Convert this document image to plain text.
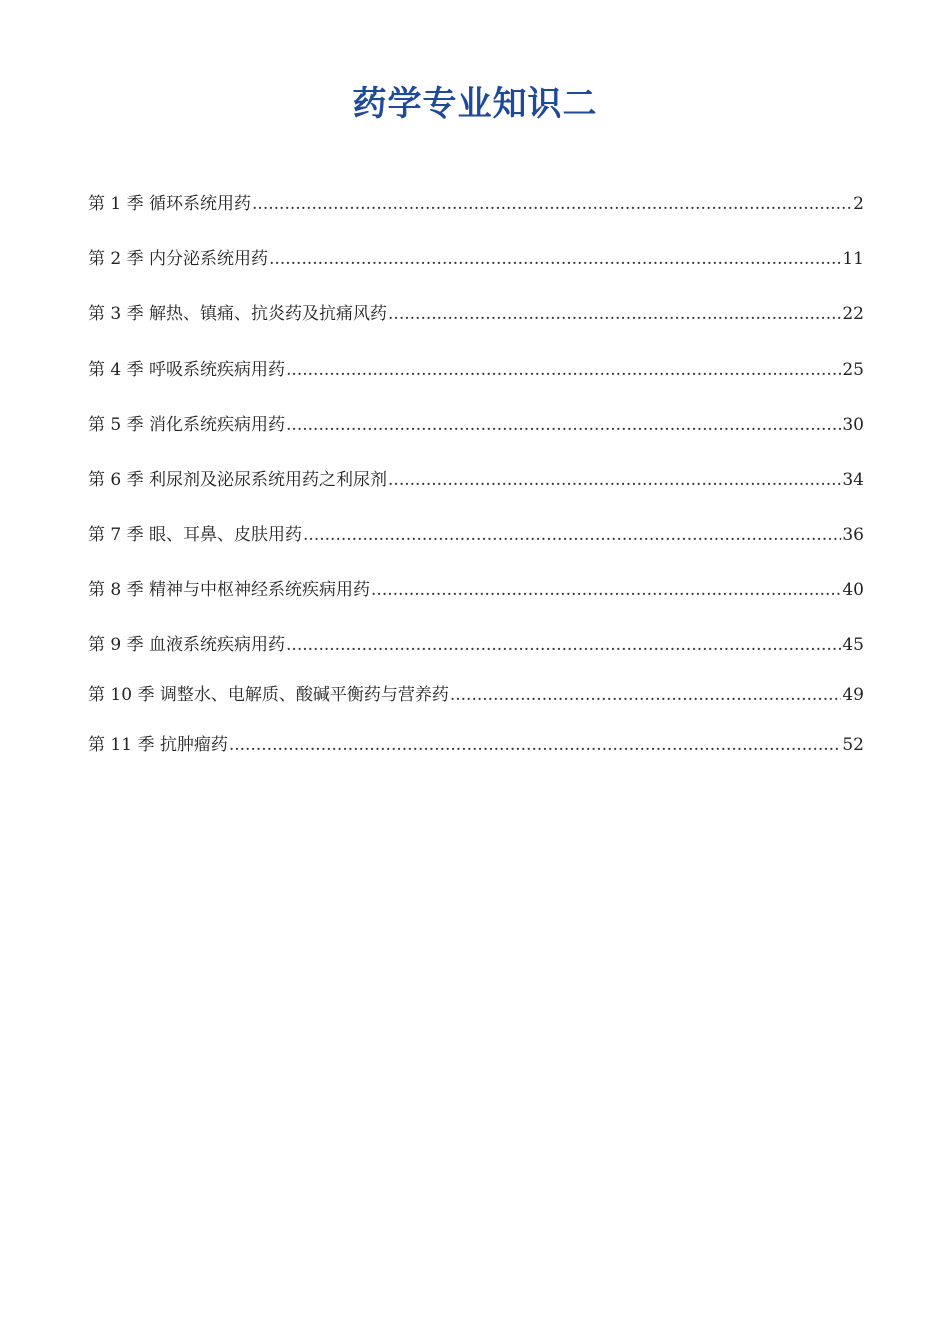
药学专业知识二
第 1 季 循环系统用药 .....	2
第 2 季 内分泌系统用药 .....	11
第 3 季 解热、镇痛、抗炎药及抗痛风药 .....	22
第 4 季 呼吸系统疾病用药 .....	25
第 5 季 消化系统疾病用药 .....	30
第 6 季 利尿剂及泌尿系统用药之利尿剂 .....	34
第 7 季 眼、耳鼻、皮肤用药 .....	36
第 8 季 精神与中枢神经系统疾病用药 .....	40
第 9 季 血液系统疾病用药 .....	45
第 10 季 调整水、电解质、酸碱平衡药与营养药 .....	49
第 11 季 抗肿瘤药 .....	52
